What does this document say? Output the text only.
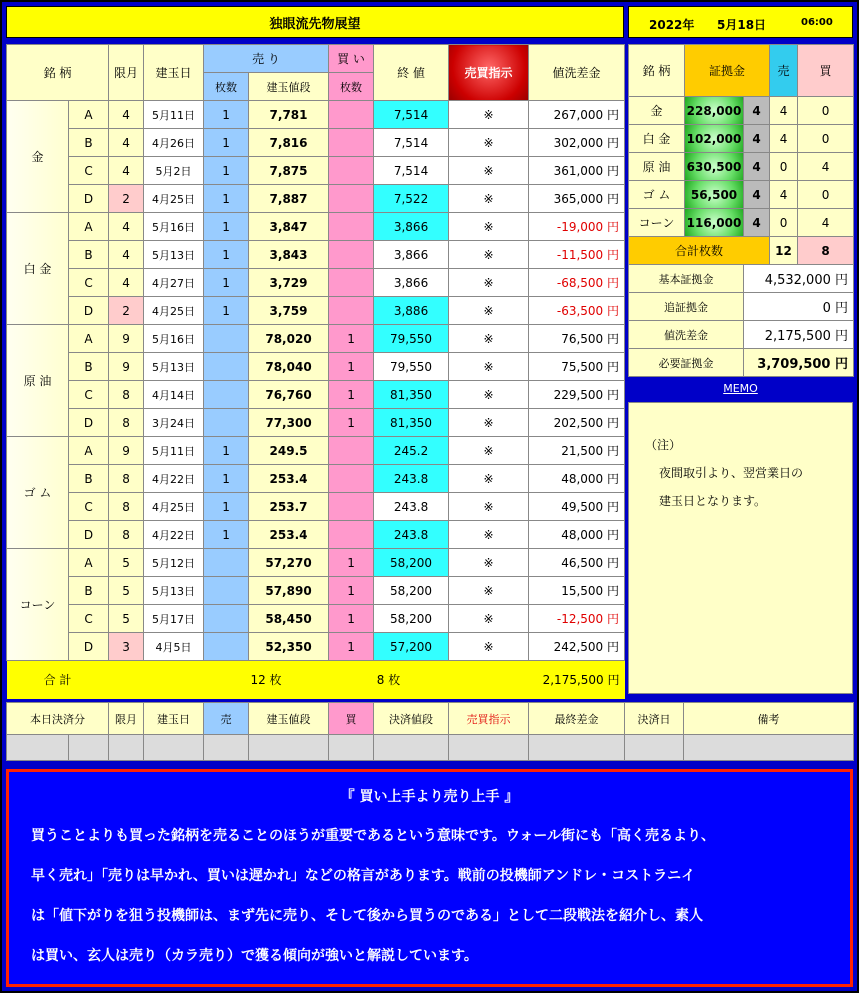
独眼流先物展望	2022年 5月18日	06:00
銘 柄		限月	建玉日	売 り		買 い	終 値	売買指示	値洗差金
				枚数	建玉値段	枚数			
金	A	4	5月11日	1	7,781		7,514	※	267,000 円
	B	4	4月26日	1	7,816		7,514	※	302,000 円
	C	4	5月2日	1	7,875		7,514	※	361,000 円
	D	2	4月25日	1	7,887		7,522	※	365,000 円
白 金	A	4	5月16日	1	3,847		3,866	※	-19,000 円
	B	4	5月13日	1	3,843		3,866	※	-11,500 円
	C	4	4月27日	1	3,729		3,866	※	-68,500 円
	D	2	4月25日	1	3,759		3,886	※	-63,500 円
原 油	A	9	5月16日		78,020	1	79,550	※	76,500 円
	B	9	5月13日		78,040	1	79,550	※	75,500 円
	C	8	4月14日		76,760	1	81,350	※	229,500 円
	D	8	3月24日		77,300	1	81,350	※	202,500 円
ゴ ム	A	9	5月11日	1	249.5		245.2	※	21,500 円
	B	8	4月22日	1	253.4		243.8	※	48,000 円
	C	8	4月25日	1	253.7		243.8	※	49,500 円
	D	8	4月22日	1	253.4		243.8	※	48,000 円
コーン	A	5	5月12日		57,270	1	58,200	※	46,500 円
	B	5	5月13日		57,890	1	58,200	※	15,500 円
	C	5	5月17日		58,450	1	58,200	※	-12,500 円
	D	3	4月5日		52,350	1	57,200	※	242,500 円
合 計				12 枚		8 枚		2,175,500 円	
銘 柄	証拠金		売	買
金	228,000	4	4	0
白 金	102,000	4	4	0
原 油	630,500	4	0	4
ゴ ム	56,500	4	4	0
コーン	116,000	4	0	4
合計枚数			12	8
基本証拠金		4,532,000 円		
追証拠金		0 円		
値洗差金		2,175,500 円		
必要証拠金		3,709,500 円		
MEMO
（注）
夜間取引より、翌営業日の
建玉日となります。
本日決済分		限月	建玉日	売	建玉値段	買	決済値段	売買指示	最終差金	決済日	備考

『 買い上手より売り上手 』

買うことよりも買った銘柄を売ることのほうが重要であるという意味です。ウォール街にも「高く売るより、

早く売れ」「売りは早かれ、買いは遅かれ」などの格言があります。戦前の投機師アンドレ・コストラニイ

は「値下がりを狙う投機師は、まず先に売り、そして後から買うのである」として二段戦法を紹介し、素人

は買い、玄人は売り（カラ売り）で獲る傾向が強いと解説しています。
